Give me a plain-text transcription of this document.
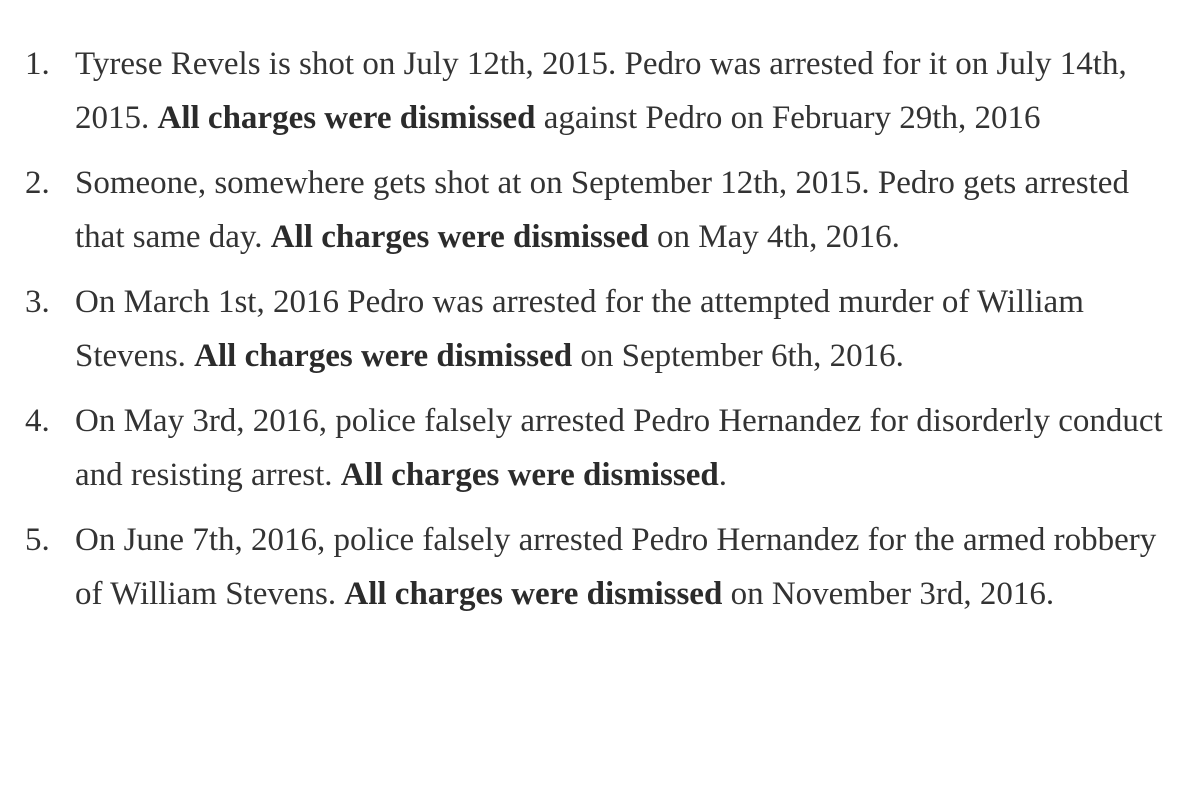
1. Tyrese Revels is shot on July 12th, 2015. Pedro was arrested for it on July 14th, 2015. All charges were dismissed against Pedro on February 29th, 2016
2. Someone, somewhere gets shot at on September 12th, 2015. Pedro gets arrested that same day. All charges were dismissed on May 4th, 2016.
3. On March 1st, 2016 Pedro was arrested for the attempted murder of William Stevens. All charges were dismissed on September 6th, 2016.
4. On May 3rd, 2016, police falsely arrested Pedro Hernandez for disorderly conduct and resisting arrest. All charges were dismissed.
5. On June 7th, 2016, police falsely arrested Pedro Hernandez for the armed robbery of William Stevens. All charges were dismissed on November 3rd, 2016.
